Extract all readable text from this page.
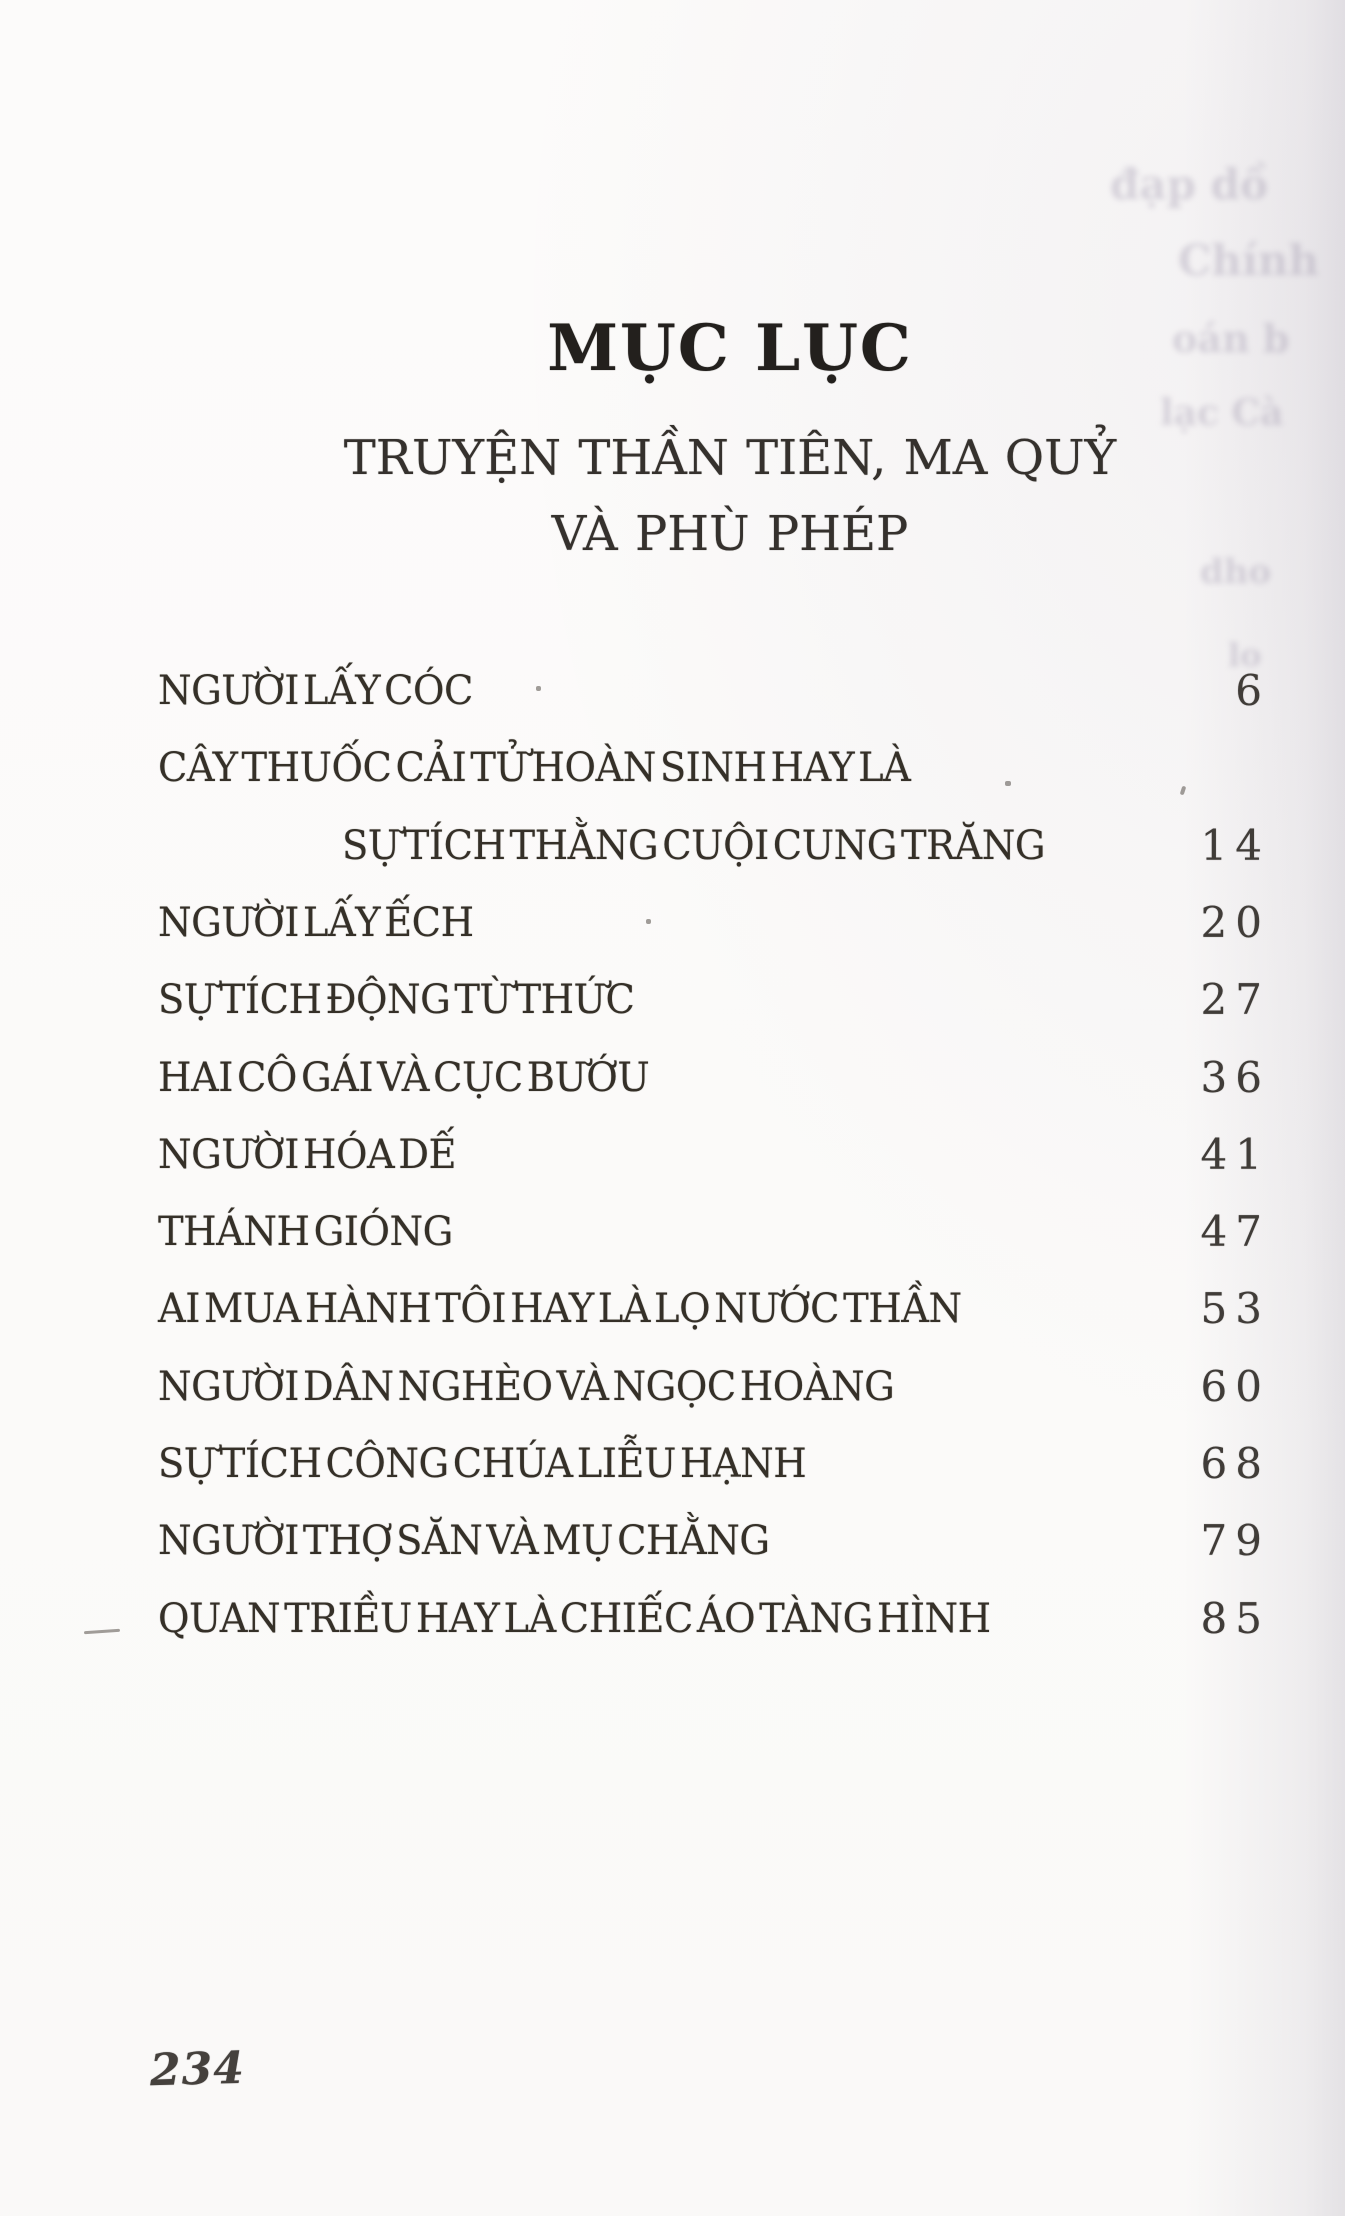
MỤC LỤC
TRUYỆN THẦN TIÊN, MA QUỶ
VÀ PHÙ PHÉP
NGƯỜI LẤY CÓC	6
CÂY THUỐC CẢI TỬ HOÀN SINH HAY LÀ
SỰ TÍCH THẰNG CUỘI CUNG TRĂNG	14
NGƯỜI LẤY ẾCH	20
SỰ TÍCH ĐỘNG TỪ THỨC	27
HAI CÔ GÁI VÀ CỤC BƯỚU	36
NGƯỜI HÓA DẾ	41
THÁNH GIÓNG	47
AI MUA HÀNH TÔI HAY LÀ LỌ NƯỚC THẦN	53
NGƯỜI DÂN NGHÈO VÀ NGỌC HOÀNG	60
SỰ TÍCH CÔNG CHÚA LIỄU HẠNH	68
NGƯỜI THỢ SĂN VÀ MỤ CHẰNG	79
QUAN TRIỀU HAY LÀ CHIẾC ÁO TÀNG HÌNH	85
234
đạp dồ
Chính
oán b
lạc Cà
dho
lo
